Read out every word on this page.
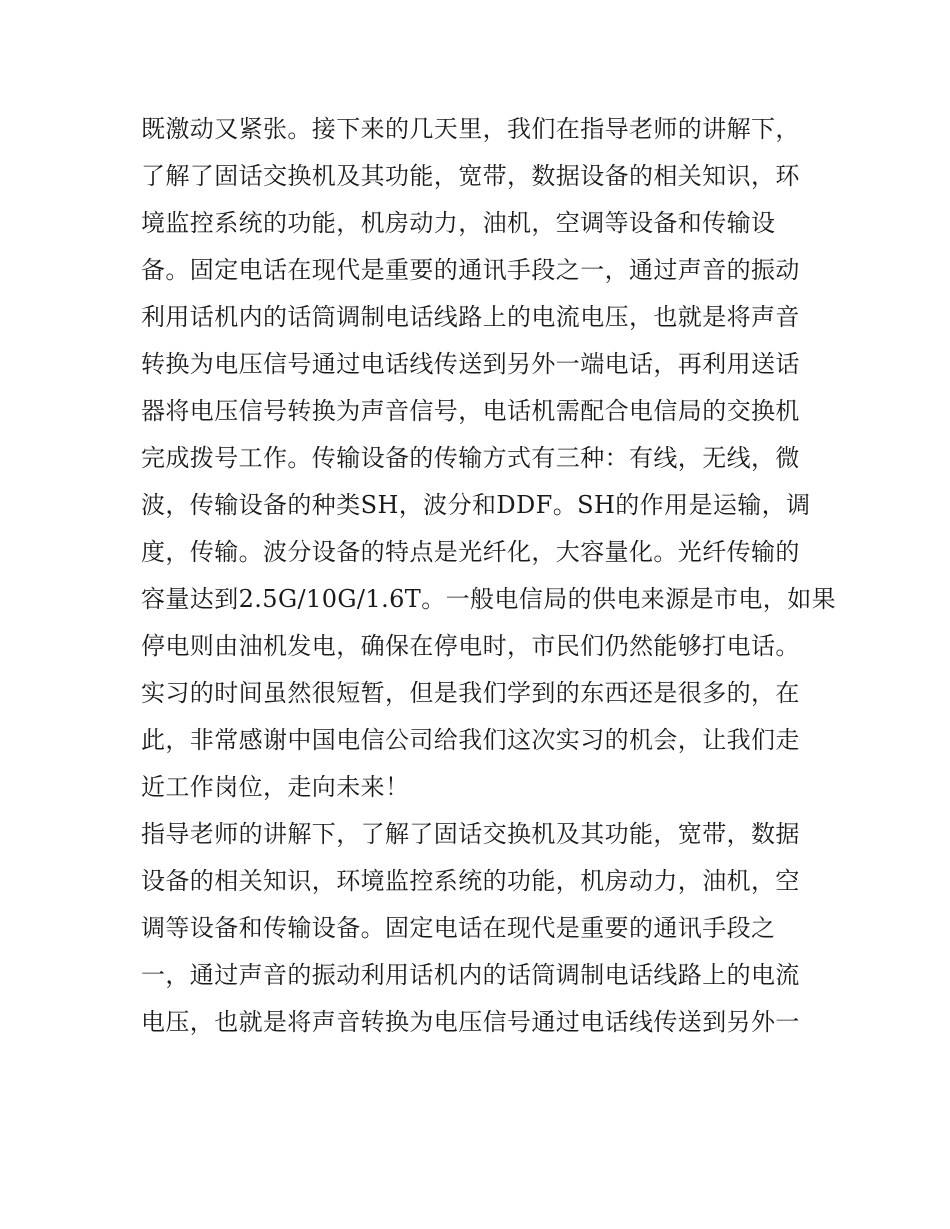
既激动又紧张。接下来的几天里，我们在指导老师的讲解下，
了解了固话交换机及其功能，宽带，数据设备的相关知识，环
境监控系统的功能，机房动力，油机，空调等设备和传输设
备。固定电话在现代是重要的通讯手段之一，通过声音的振动
利用话机内的话筒调制电话线路上的电流电压，也就是将声音
转换为电压信号通过电话线传送到另外一端电话，再利用送话
器将电压信号转换为声音信号，电话机需配合电信局的交换机
完成拨号工作。传输设备的传输方式有三种：有线，无线，微
波，传输设备的种类SH，波分和DDF。SH的作用是运输，调
度，传输。波分设备的特点是光纤化，大容量化。光纤传输的
容量达到2.5G/10G/1.6T。一般电信局的供电来源是市电，如果
停电则由油机发电，确保在停电时，市民们仍然能够打电话。
实习的时间虽然很短暂，但是我们学到的东西还是很多的，在
此，非常感谢中国电信公司给我们这次实习的机会，让我们走
近工作岗位，走向未来！
指导老师的讲解下，了解了固话交换机及其功能，宽带，数据
设备的相关知识，环境监控系统的功能，机房动力，油机，空
调等设备和传输设备。固定电话在现代是重要的通讯手段之
一，通过声音的振动利用话机内的话筒调制电话线路上的电流
电压，也就是将声音转换为电压信号通过电话线传送到另外一
